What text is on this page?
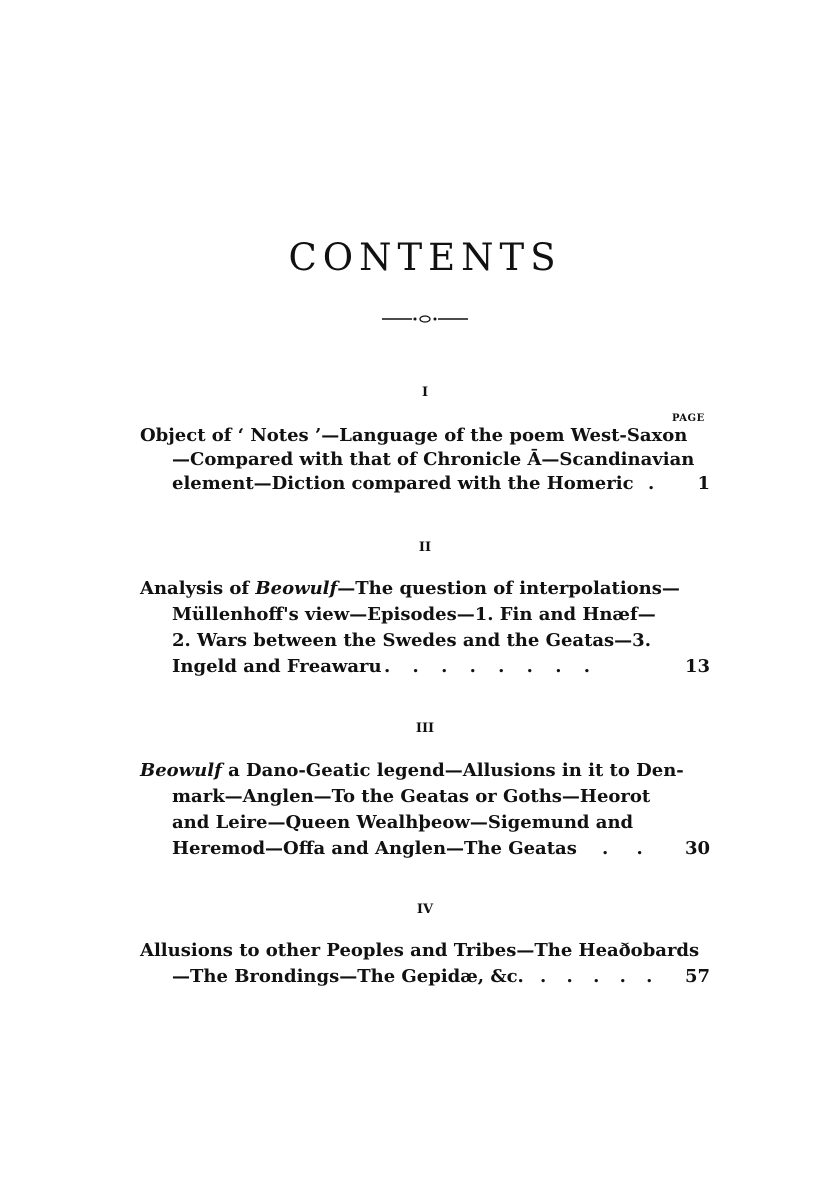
CONTENTS
I
PAGE
Object of ‘ Notes ’—Language of the poem West-Saxon
—Compared with that of Chronicle Ᾱ—Scandinavian
element—Diction compared with the Homeric . 1
II
Analysis of Beowulf—The question of interpolations—
Müllenhoff's view—Episodes—1. Fin and Hnæf—
2. Wars between the Swedes and the Geatas—3.
Ingeld and Freawaru . . . . . . . .	13
III
Beowulf a Dano-Geatic legend—Allusions in it to Den-
mark—Anglen—To the Geatas or Goths—Heorot
and Leire—Queen Wealhþeow—Sigemund and
Heremod—Offa and Anglen—The Geatas . . 30
IV
Allusions to other Peoples and Tribes—The Heaðobards
—The Brondings—The Gepidæ, &c. . . . . . 57
